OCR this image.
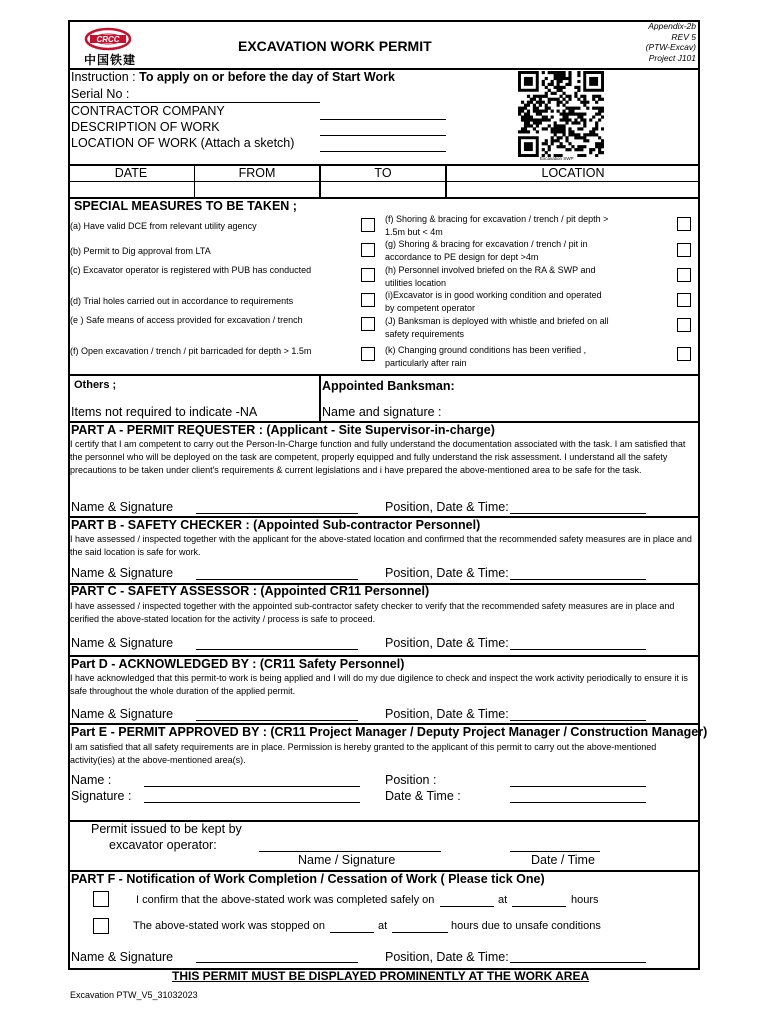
CRCC
中国铁建
EXCAVATION WORK PERMIT
Appendix-2b
REV 5
(PTW-Excav)
Project J101
Instruction : To apply on or before the day of Start Work
Serial No :
CONTRACTOR COMPANY
DESCRIPTION OF WORK
LOCATION OF WORK (Attach a sketch)
Excavation SWP
DATE	FROM	TO	LOCATION
SPECIAL MEASURES TO BE TAKEN ;
(a) Have valid DCE from relevant utility agency
(b) Permit to Dig approval from LTA
(c) Excavator operator is registered with PUB has conducted
(d) Trial holes carried out in accordance to requirements
(e ) Safe means of access provided for excavation / trench
(f) Open excavation / trench / pit barricaded for depth > 1.5m
(f) Shoring & bracing for excavation / trench / pit depth > 1.5m but < 4m
(g) Shoring & bracing for excavation / trench / pit in accordance to PE design for dept >4m
(h) Personnel involved briefed on the RA & SWP and utilities location
(i)Excavator is in good working condition and operated by competent operator
(J) Banksman is deployed with whistle and briefed on all safety requirements
(k) Changing ground conditions has been verified , particularly after rain
Others ;
Items not required to indicate -NA
Appointed Banksman:
Name and signature :
PART A - PERMIT REQUESTER : (Applicant - Site Supervisor-in-charge)
I certify that I am competent to carry out the Person-In-Charge function and fully understand the documentation associated with the task. I am satisfied that the personnel who will be deployed on the task are competent, properly equipped and fully understand the risk assessment. I understand all the safety precautions to be taken under client's requirements & current legislations and i have prepared the above-mentioned area to be safe for the task.
Name & Signature	Position, Date & Time:
PART B - SAFETY CHECKER : (Appointed Sub-contractor Personnel)
I have assessed / inspected together with the applicant for the above-stated location and confirmed that the recommended safety measures are in place and the said location is safe for work.
Name & Signature	Position, Date & Time:
PART C - SAFETY ASSESSOR : (Appointed CR11 Personnel)
I have assessed / inspected together with the appointed sub-contractor safety checker to verify that the recommended safety measures are in place and cerified the above-stated location for the activity / process is safe to proceed.
Name & Signature	Position, Date & Time:
Part D - ACKNOWLEDGED BY : (CR11 Safety Personnel)
I have acknowledged that this permit-to work is being applied and I will do my due digilence to check and inspect the work activity periodically to ensure it is safe throughout the whole duration of the applied permit.
Name & Signature	Position, Date & Time:
Part E - PERMIT APPROVED BY : (CR11 Project Manager / Deputy Project Manager / Construction Manager)
I am satisfied that all safety requirements are in place. Permission is hereby granted to the applicant of this permit to carry out the above-mentioned activity(ies) at the above-mentioned area(s).
Name :
Signature :
Position :
Date & Time :
Permit issued to be kept by
excavator operator:
Name / Signature	Date / Time
PART F - Notification of Work Completion / Cessation of Work ( Please tick One)
I confirm that the above-stated work was completed safely on	at	hours
The above-stated work was stopped on	at	hours due to unsafe conditions
Name & Signature	Position, Date & Time:
THIS PERMIT MUST BE DISPLAYED PROMINENTLY AT THE WORK AREA
Excavation PTW_V5_31032023
